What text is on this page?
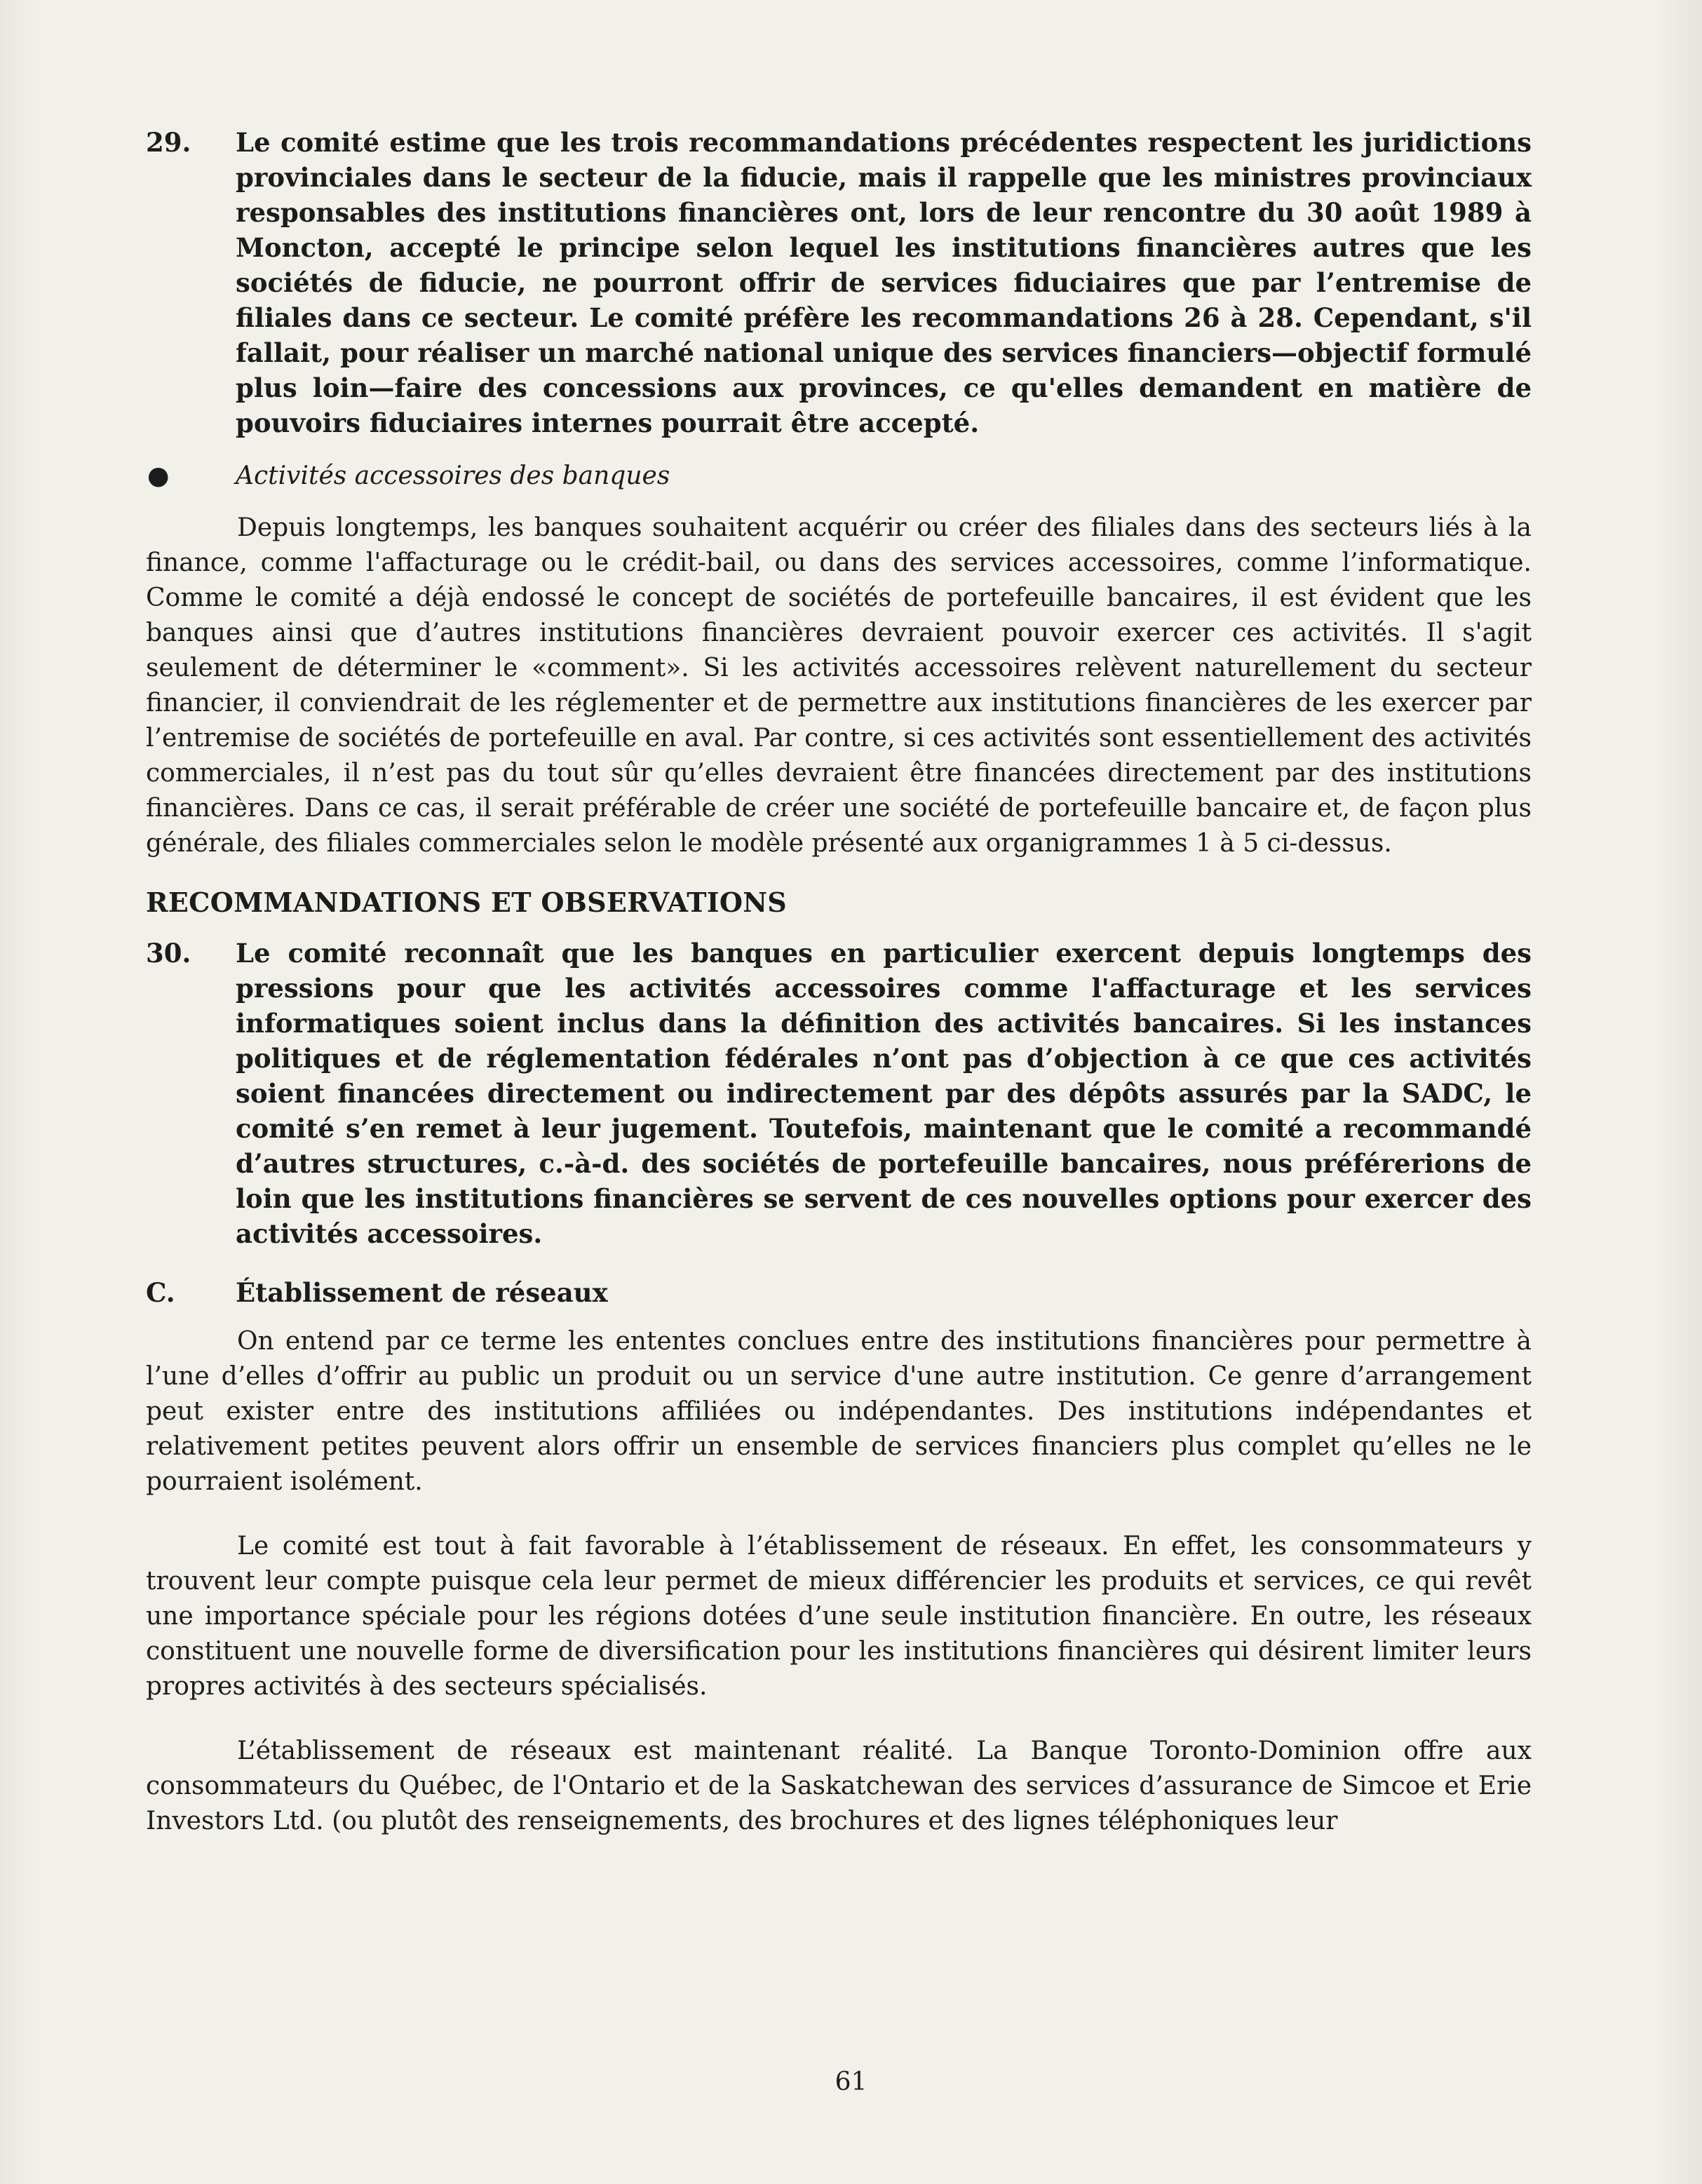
29.	Le comité estime que les trois recommandations précédentes respectent les juridictions provinciales dans le secteur de la fiducie, mais il rappelle que les ministres provinciaux responsables des institutions financières ont, lors de leur rencontre du 30 août 1989 à Moncton, accepté le principe selon lequel les institutions financières autres que les sociétés de fiducie, ne pourront offrir de services fiduciaires que par l’entremise de filiales dans ce secteur. Le comité préfère les recommandations 26 à 28. Cependant, s'il fallait, pour réaliser un marché national unique des services financiers—objectif formulé plus loin—faire des concessions aux provinces, ce qu'elles demandent en matière de pouvoirs fiduciaires internes pourrait être accepté.

●	Activités accessoires des banques

Depuis longtemps, les banques souhaitent acquérir ou créer des filiales dans des secteurs liés à la finance, comme l'affacturage ou le crédit-bail, ou dans des services accessoires, comme l’informatique. Comme le comité a déjà endossé le concept de sociétés de portefeuille bancaires, il est évident que les banques ainsi que d’autres institutions financières devraient pouvoir exercer ces activités. Il s'agit seulement de déterminer le «comment». Si les activités accessoires relèvent naturellement du secteur financier, il conviendrait de les réglementer et de permettre aux institutions financières de les exercer par l’entremise de sociétés de portefeuille en aval. Par contre, si ces activités sont essentiellement des activités commerciales, il n’est pas du tout sûr qu’elles devraient être financées directement par des institutions financières. Dans ce cas, il serait préférable de créer une société de portefeuille bancaire et, de façon plus générale, des filiales commerciales selon le modèle présenté aux organigrammes 1 à 5 ci-dessus.

RECOMMANDATIONS ET OBSERVATIONS
30.	Le comité reconnaît que les banques en particulier exercent depuis longtemps des pressions pour que les activités accessoires comme l'affacturage et les services informatiques soient inclus dans la définition des activités bancaires. Si les instances politiques et de réglementation fédérales n’ont pas d’objection à ce que ces activités soient financées directement ou indirectement par des dépôts assurés par la SADC, le comité s’en remet à leur jugement. Toutefois, maintenant que le comité a recommandé d’autres structures, c.-à-d. des sociétés de portefeuille bancaires, nous préférerions de loin que les institutions financières se servent de ces nouvelles options pour exercer des activités accessoires.

C.	Établissement de réseaux

On entend par ce terme les ententes conclues entre des institutions financières pour permettre à l’une d’elles d’offrir au public un produit ou un service d'une autre institution. Ce genre d’arrangement peut exister entre des institutions affiliées ou indépendantes. Des institutions indépendantes et relativement petites peuvent alors offrir un ensemble de services financiers plus complet qu’elles ne le pourraient isolément.

Le comité est tout à fait favorable à l’établissement de réseaux. En effet, les consommateurs y trouvent leur compte puisque cela leur permet de mieux différencier les produits et services, ce qui revêt une importance spéciale pour les régions dotées d’une seule institution financière. En outre, les réseaux constituent une nouvelle forme de diversification pour les institutions financières qui désirent limiter leurs propres activités à des secteurs spécialisés.

L’établissement de réseaux est maintenant réalité. La Banque Toronto-Dominion offre aux consommateurs du Québec, de l'Ontario et de la Saskatchewan des services d’assurance de Simcoe et Erie Investors Ltd. (ou plutôt des renseignements, des brochures et des lignes téléphoniques leur

61
